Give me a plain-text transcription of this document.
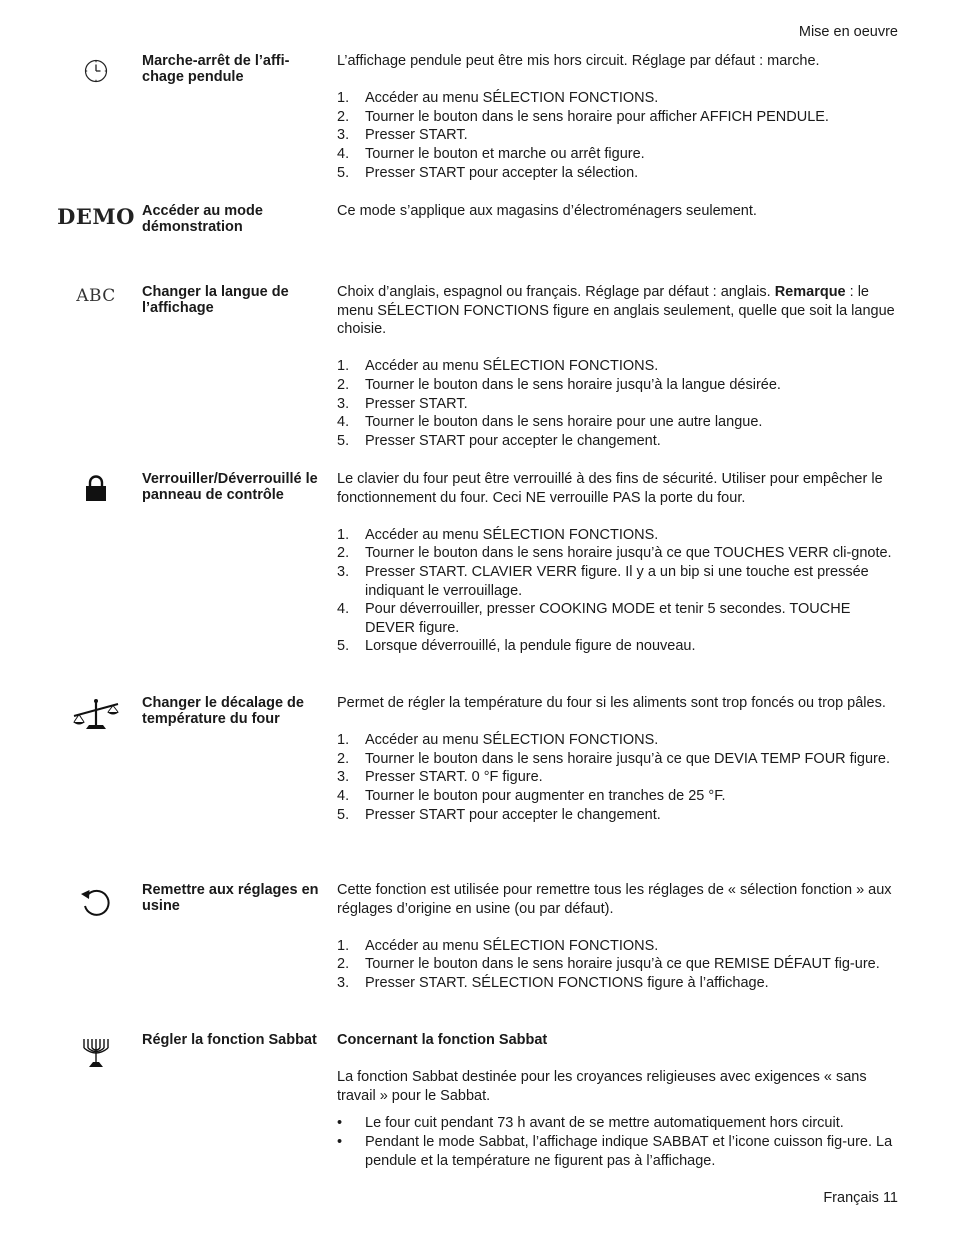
Mise en oeuvre
Marche-arrêt de l’affi-chage pendule

L’affichage pendule peut être mis hors circuit. Réglage par défaut : marche.

1. Accéder au menu SÉLECTION FONCTIONS.
2. Tourner le bouton dans le sens horaire pour afficher AFFICH PENDULE.
3. Presser START.
4. Tourner le bouton et marche ou arrêt figure.
5. Presser START pour accepter la sélection.
DEMO Accéder au mode démonstration

Ce mode s’applique aux magasins d’électroménagers seulement.

ABC Changer la langue de l’affichage

Choix d’anglais, espagnol ou français. Réglage par défaut : anglais. Remarque : le menu SÉLECTION FONCTIONS figure en anglais seulement, quelle que soit la langue choisie.

1. Accéder au menu SÉLECTION FONCTIONS.
2. Tourner le bouton dans le sens horaire jusqu’à la langue désirée.
3. Presser START.
4. Tourner le bouton dans le sens horaire pour une autre langue.
5. Presser START pour accepter le changement.
Verrouiller/Déverrouillé le panneau de contrôle

Le clavier du four peut être verrouillé à des fins de sécurité. Utiliser pour empêcher le fonctionnement du four. Ceci NE verrouille PAS la porte du four.

1. Accéder au menu SÉLECTION FONCTIONS.
2. Tourner le bouton dans le sens horaire jusqu’à ce que TOUCHES VERR cli-gnote.
3. Presser START. CLAVIER VERR figure. Il y a un bip si une touche est pressée indiquant le verrouillage.
4. Pour déverrouiller, presser COOKING MODE et tenir 5 secondes. TOUCHE DEVER figure.
5. Lorsque déverrouillé, la pendule figure de nouveau.
Changer le décalage de température du four

Permet de régler la température du four si les aliments sont trop foncés ou trop pâles.

1. Accéder au menu SÉLECTION FONCTIONS.
2. Tourner le bouton dans le sens horaire jusqu’à ce que DEVIA TEMP FOUR figure.
3. Presser START. 0 °F figure.
4. Tourner le bouton pour augmenter en tranches de 25 °F.
5. Presser START pour accepter le changement.
Remettre aux réglages en usine

Cette fonction est utilisée pour remettre tous les réglages de « sélection fonction » aux réglages d’origine en usine (ou par défaut).

1. Accéder au menu SÉLECTION FONCTIONS.
2. Tourner le bouton dans le sens horaire jusqu’à ce que REMISE DÉFAUT fig-ure.
3. Presser START. SÉLECTION FONCTIONS figure à l’affichage.
Régler la fonction Sabbat	Concernant la fonction Sabbat

La fonction Sabbat destinée pour les croyances religieuses avec exigences « sans travail » pour le Sabbat.

• Le four cuit pendant 73 h avant de se mettre automatiquement hors circuit.
• Pendant le mode Sabbat, l’affichage indique SABBAT et l’icone cuisson fig-ure. La pendule et la température ne figurent pas à l’affichage.
Français 11
